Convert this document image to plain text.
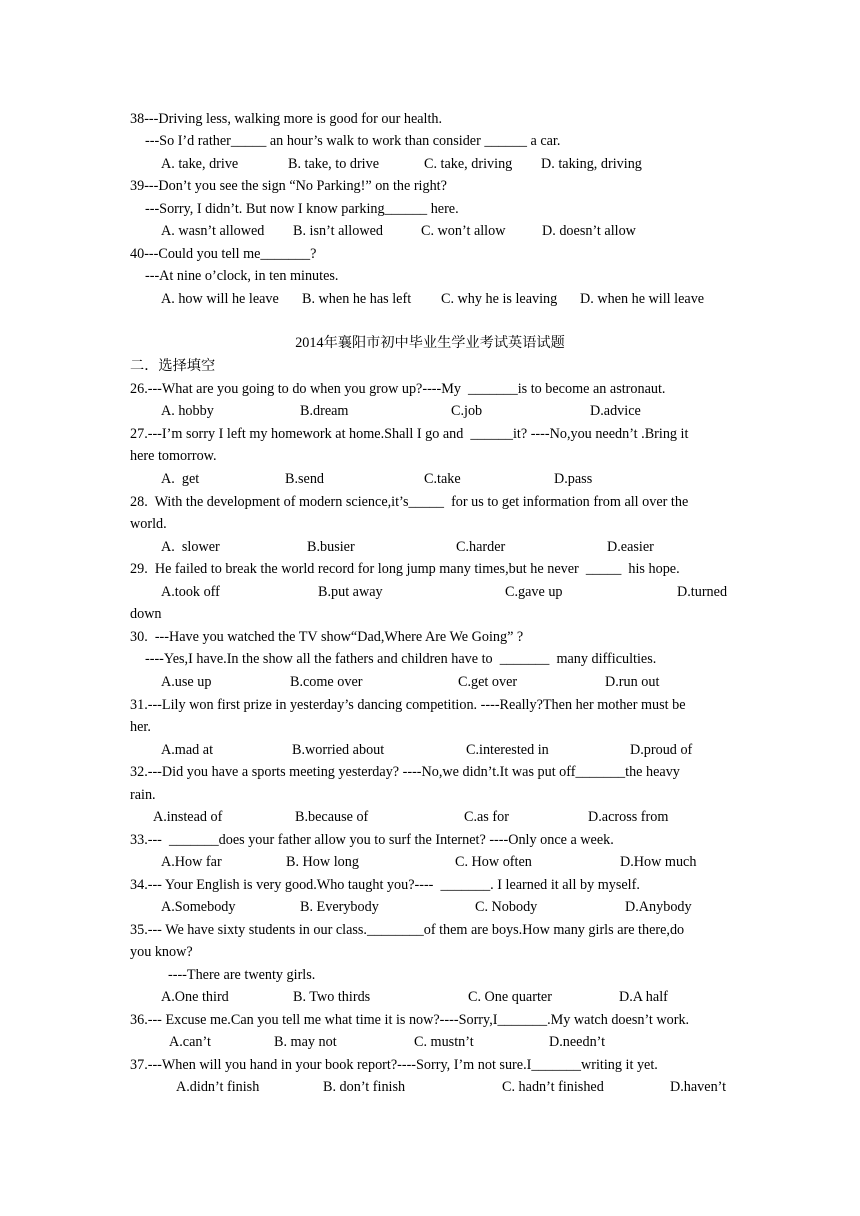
38---Driving less, walking more is good for our health.
---So I’d rather_____ an hour’s walk to work than consider ______ a car.
A. take, drive	B. take, to drive	C. take, driving D. taking, driving
39---Don’t you see the sign “No Parking!” on the right?
---Sorry, I didn’t. But now I know parking______ here.
A. wasn’t allowed B. isn’t allowed	C. won’t allow	D. doesn’t allow
40---Could you tell me_______?
---At nine o’clock, in ten minutes.
A. how will he leave B. when he has left C. why he is leaving D. when he will leave
2014年襄阳市初中毕业生学业考试英语试题
二．选择填空
26.---What are you going to do when you grow up?----My  _______is to become an astronaut.
A. hobby	B.dream	C.job	D.advice
27.---I’m sorry I left my homework at home.Shall I go and  ______it? ----No,you needn’t .Bring it
here tomorrow.
A.  get	B.send	C.take	D.pass
28.  With the development of modern science,it’s_____  for us to get information from all over the
world.
A.  slower	B.busier	C.harder	D.easier
29.  He failed to break the world record for long jump many times,but he never  _____  his hope.
A.took off	B.put away	C.gave up	D.turned
down
30.  ---Have you watched the TV show“Dad,Where Are We Going” ?
----Yes,I have.In the show all the fathers and children have to  _______  many difficulties.
A.use up	B.come over	C.get over	D.run out
31.---Lily won first prize in yesterday’s dancing competition. ----Really?Then her mother must be
her.
A.mad at	B.worried about	C.interested in	D.proud of
32.---Did you have a sports meeting yesterday? ----No,we didn’t.It was put off_______the heavy
rain.
A.instead of	B.because of	C.as for	D.across from
33.---  _______does your father allow you to surf the Internet? ----Only once a week.
A.How far	B. How long	C. How often	D.How much
34.--- Your English is very good.Who taught you?----  _______. I learned it all by myself.
A.Somebody	B. Everybody	C. Nobody	D.Anybody
35.--- We have sixty students in our class.________of them are boys.How many girls are there,do
you know?
----There are twenty girls.
A.One third	B. Two thirds	C. One quarter	D.A half
36.--- Excuse me.Can you tell me what time it is now?----Sorry,I_______.My watch doesn’t work.
A.can’t	B. may not	C. mustn’t	D.needn’t
37.---When will you hand in your book report?----Sorry, I’m not sure.I_______writing it yet.
A.didn’t finish	B. don’t finish	C. hadn’t finished	D.haven’t
